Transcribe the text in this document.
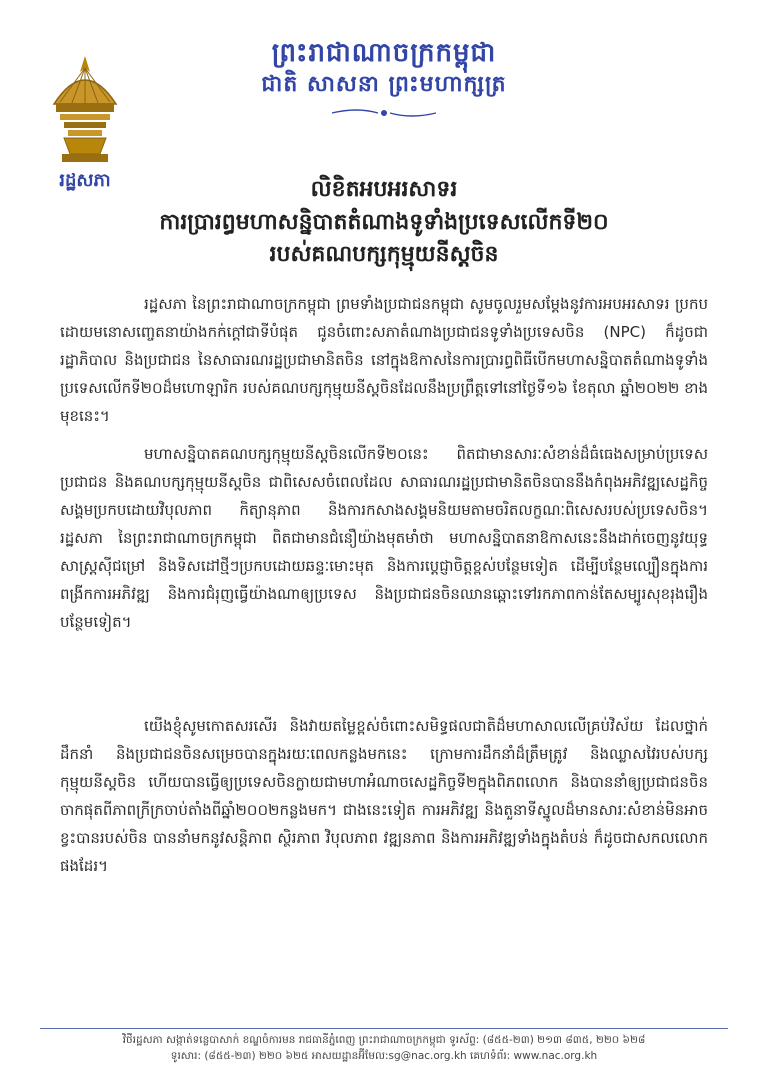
ព្រះរាជាណាចក្រកម្ពុជា
ជាតិ សាសនា ព្រះមហាក្សត្រ
រដ្ឋសភា	លិខិតអបអរសាទរ
ការប្រារព្ធមហាសន្និបាតតំណាងទូទាំងប្រទេសលើកទី២០
របស់គណបក្សកុម្មុយនីស្តចិន

រដ្ឋសភា នៃព្រះរាជាណាចក្រកម្ពុជា ព្រមទាំងប្រជាជនកម្ពុជា សូមចូលរួមសម្តែងនូវការអបអរសាទរ ប្រកបដោយមនោសញ្ចេតនាយ៉ាងកក់ក្តៅជាទីបំផុត ជូនចំពោះសភាតំណាងប្រជាជនទូទាំងប្រទេសចិន (NPC) ក៏ដូចជារដ្ឋាភិបាល និងប្រជាជន នៃសាធារណរដ្ឋប្រជាមានិតចិន នៅក្នុងឱកាសនៃការប្រារព្ធពិធីបើកមហាសន្និបាតតំណាងទូទាំងប្រទេសលើកទី២០ដ៏មហោឡារិក របស់គណបក្សកុម្មុយនីស្តចិនដែលនឹងប្រព្រឹត្តទៅនៅថ្ងៃទី១៦ ខែតុលា ឆ្នាំ២០២២ ខាងមុខនេះ។

មហាសន្និបាតគណបក្សកុម្មុយនីស្តចិនលើកទី២០នេះ ពិតជាមានសារៈសំខាន់ដ៏ធំធេងសម្រាប់ប្រទេស ប្រជាជន និងគណបក្សកុម្មុយនីស្តចិន ជាពិសេសចំពេលដែល សាធារណរដ្ឋប្រជាមានិតចិនបាននឹងកំពុងអភិវឌ្ឍសេដ្ឋកិច្ចសង្គមប្រកបដោយវិបុលភាព កិត្យានុភាព និងការកសាងសង្គមនិយមតាមចរិតលក្ខណៈពិសេសរបស់ប្រទេសចិន។ រដ្ឋសភា នៃព្រះរាជាណាចក្រកម្ពុជា ពិតជាមានជំនឿយ៉ាងមុតមាំថា មហាសន្និបាតនាឱកាសនេះនឹងដាក់ចេញនូវយុទ្ធសាស្ត្រស៊ីជម្រៅ និងទិសដៅថ្មីៗប្រកបដោយឆន្ទៈមោះមុត និងការប្តេជ្ញាចិត្តខ្ពស់បន្ថែមទៀត ដើម្បីបន្ថែមល្បឿនក្នុងការពង្រីកការអភិវឌ្ឍ និងការជំរុញធ្វើយ៉ាងណាឲ្យប្រទេស និងប្រជាជនចិនឈានឆ្ពោះទៅរកភាពកាន់តែសម្បូរសុខរុងរឿងបន្ថែមទៀត។

យើងខ្ញុំសូមកោតសរសើរ និងវាយតម្លៃខ្ពស់ចំពោះសមិទ្ធផលជាតិដ៏មហាសាលលើគ្រប់វិស័យ ដែលថ្នាក់ដឹកនាំ និងប្រជាជនចិនសម្រេចបានក្នុងរយៈពេលកន្លងមកនេះ ក្រោមការដឹកនាំដ៏ត្រឹមត្រូវ និងឈ្លាសវៃរបស់បក្សកុម្មុយនីស្តចិន ហើយបានធ្វើឲ្យប្រទេសចិនក្លាយជាមហាអំណាចសេដ្ឋកិច្ចទី២ក្នុងពិភពលោក និងបាននាំឲ្យប្រជាជនចិនចាកផុតពីភាពក្រីក្រចាប់តាំងពីឆ្នាំ២០០២កន្លងមក។ ជាងនេះទៀត ការអភិវឌ្ឍ និងតួនាទីស្នូលដ៏មានសារៈសំខាន់មិនអាចខ្វះបានរបស់ចិន បាននាំមកនូវសន្តិភាព ស្ថិរភាព វិបុលភាព វឌ្ឍនភាព និងការអភិវឌ្ឍទាំងក្នុងតំបន់ ក៏ដូចជាសកលលោកផងដែរ។

វិថីរដ្ឋសភា សង្កាត់ទន្លេបាសាក់ ខណ្ឌចំការមន រាជធានីភ្នំពេញ ព្រះរាជាណាចក្រកម្ពុជា ទូរស័ព្ទ: (៨៥៥-២៣) ២១៣ ៨៣៥, ២២០ ៦២៨
ទូរសារ: (៨៥៥-២៣) ២២០ ៦២៥ អាសយដ្ឋានអ៊ីមែល:sg@nac.org.kh គេហទំព័រ: www.nac.org.kh
